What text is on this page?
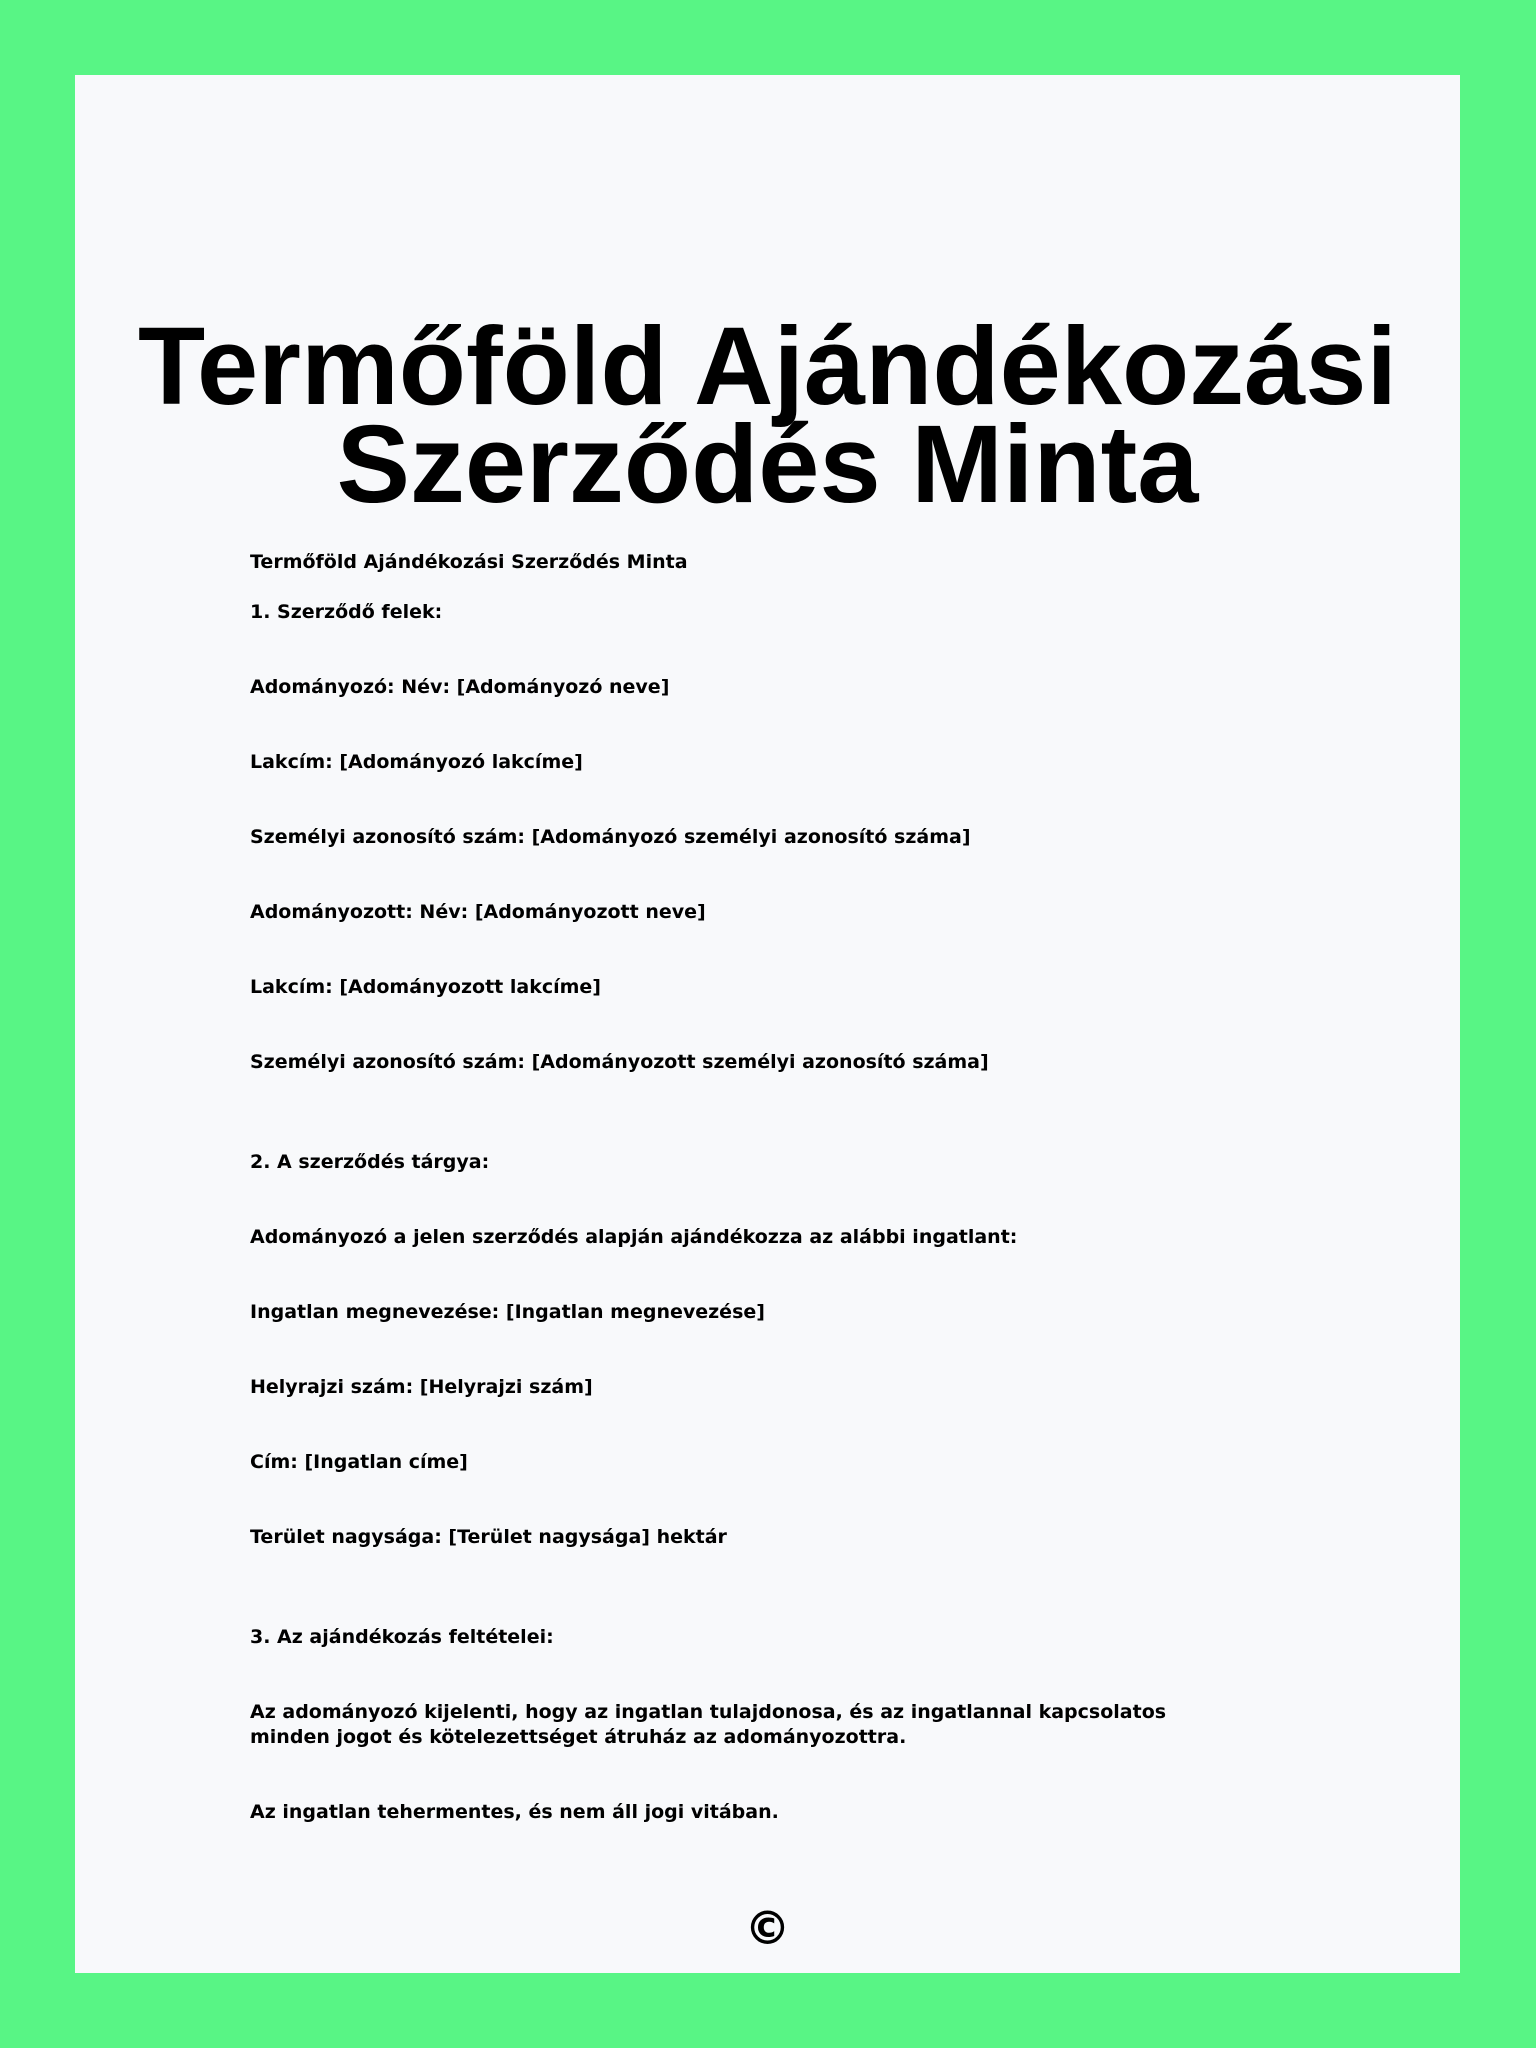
Termőföld Ajándékozási Szerződés Minta
Termőföld Ajándékozási Szerződés Minta
1. Szerződő felek:
Adományozó: Név: [Adományozó neve]
Lakcím: [Adományozó lakcíme]
Személyi azonosító szám: [Adományozó személyi azonosító száma]
Adományozott: Név: [Adományozott neve]
Lakcím: [Adományozott lakcíme]
Személyi azonosító szám: [Adományozott személyi azonosító száma]
2. A szerződés tárgya:
Adományozó a jelen szerződés alapján ajándékozza az alábbi ingatlant:
Ingatlan megnevezése: [Ingatlan megnevezése]
Helyrajzi szám: [Helyrajzi szám]
Cím: [Ingatlan címe]
Terület nagysága: [Terület nagysága] hektár
3. Az ajándékozás feltételei:
Az adományozó kijelenti, hogy az ingatlan tulajdonosa, és az ingatlannal kapcsolatos minden jogot és kötelezettséget átruház az adományozottra.
Az ingatlan tehermentes, és nem áll jogi vitában.
©
